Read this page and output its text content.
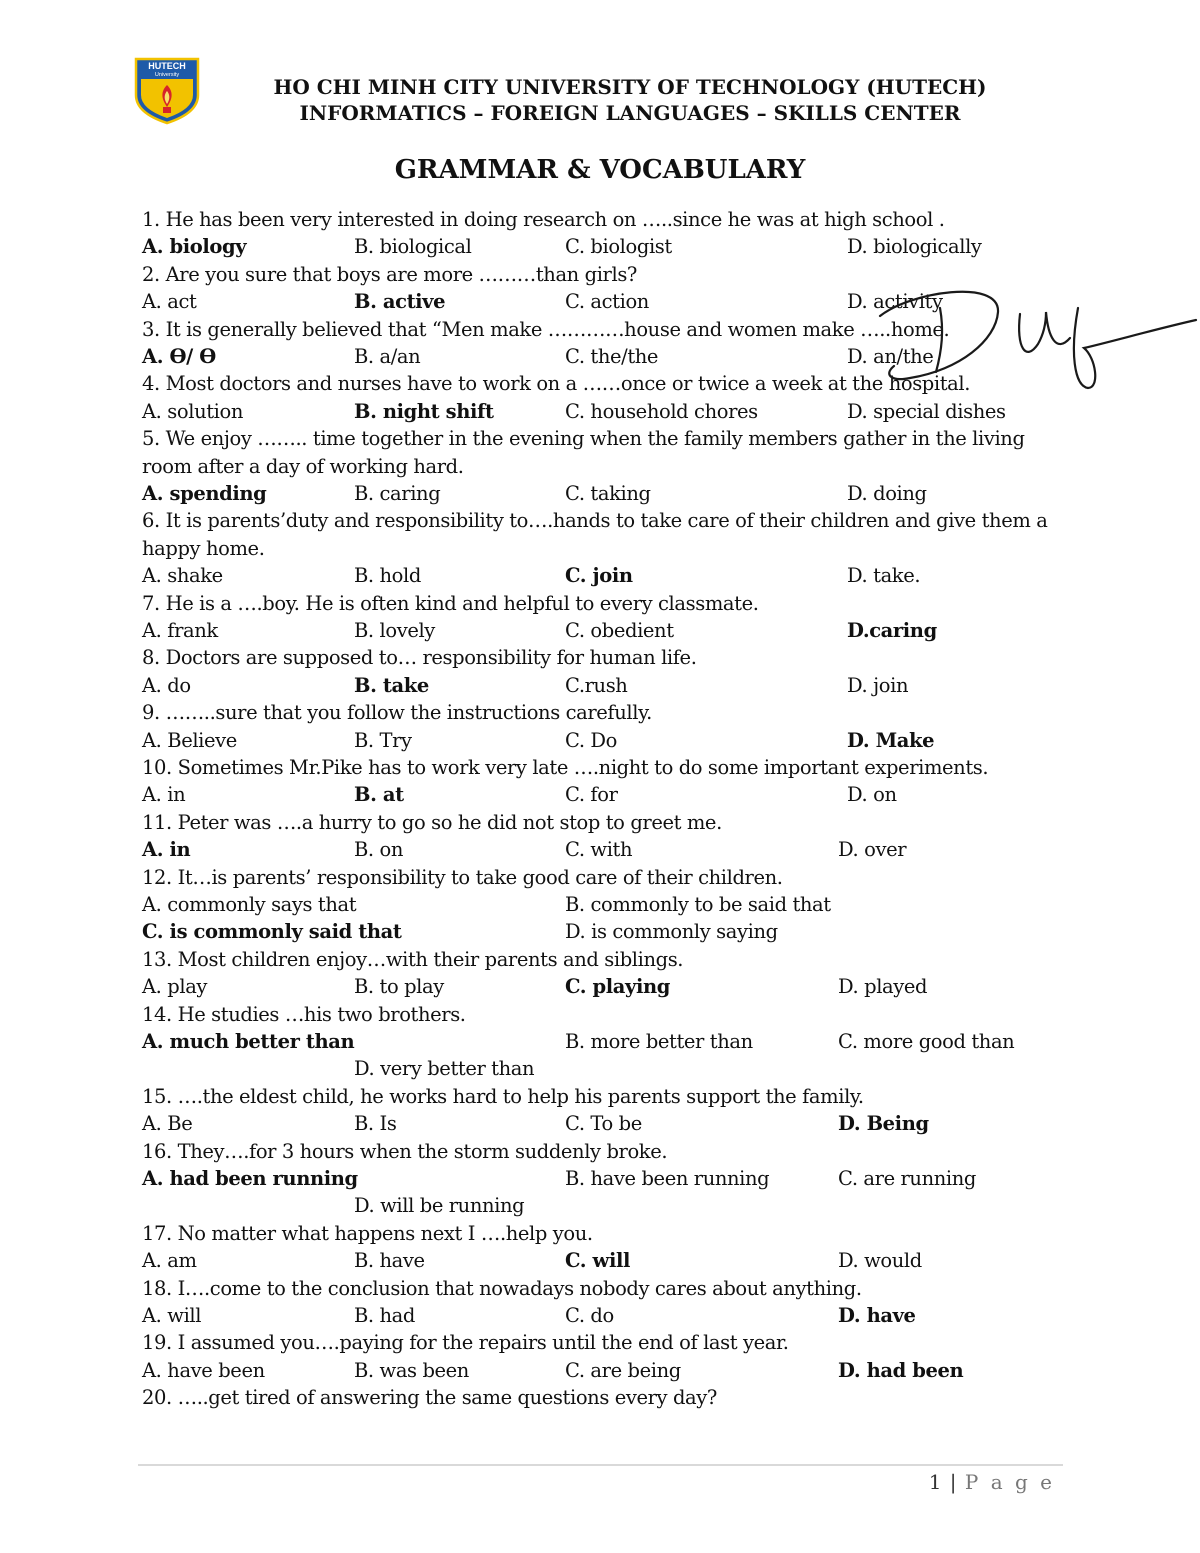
HUTECH
University	HO CHI MINH CITY UNIVERSITY OF TECHNOLOGY (HUTECH)
INFORMATICS – FOREIGN LANGUAGES – SKILLS CENTER
GRAMMAR & VOCABULARY
1. He has been very interested in doing research on …..since he was at high school .
A. biology	B. biological	C. biologist	D. biologically
2. Are you sure that boys are more ………than girls?
A. act	B. active	C. action	D. activity
3. It is generally believed that “Men make …………house and women make …..home.
A. Ɵ/ Ɵ	B. a/an	C. the/the	D. an/the
4. Most doctors and nurses have to work on a ……once or twice a week at the hospital.
A. solution	B. night shift	C. household chores	D. special dishes
5. We enjoy …….. time together in the evening when the family members gather in the living room after a day of working hard.
A. spending	B. caring	C. taking	D. doing
6. It is parents’duty and responsibility to….hands to take care of their children and give them a happy home.
A. shake	B. hold	C. join	D. take.
7. He is a ….boy. He is often kind and helpful to every classmate.
A. frank	B. lovely	C. obedient	D.caring
8. Doctors are supposed to… responsibility for human life.
A. do	B. take	C.rush	D. join
9. ……..sure that you follow the instructions carefully.
A. Believe	B. Try	C. Do	D. Make
10. Sometimes Mr.Pike has to work very late ….night to do some important experiments.
A. in	B. at	C. for	D. on
11. Peter was ….a hurry to go so he did not stop to greet me.
A. in	B. on	C. with	D. over
12. It…is parents’ responsibility to take good care of their children.
A. commonly says that	B. commonly to be said that
C. is commonly said that	D. is commonly saying
13. Most children enjoy…with their parents and siblings.
A. play	B. to play	C. playing	D. played
14. He studies …his two brothers.
A. much better than	B. more better than	C. more good than
D. very better than
15. ….the eldest child, he works hard to help his parents support the family.
A. Be	B. Is	C. To be	D. Being
16. They….for 3 hours when the storm suddenly broke.
A. had been running	B. have been running	C. are running
D. will be running
17. No matter what happens next I ….help you.
A. am	B. have	C. will	D. would
18. I….come to the conclusion that nowadays nobody cares about anything.
A. will	B. had	C. do	D. have
19. I assumed you….paying for the repairs until the end of last year.
A. have been	B. was been	C. are being	D. had been
20. …..get tired of answering the same questions every day?
1 | P a g e
